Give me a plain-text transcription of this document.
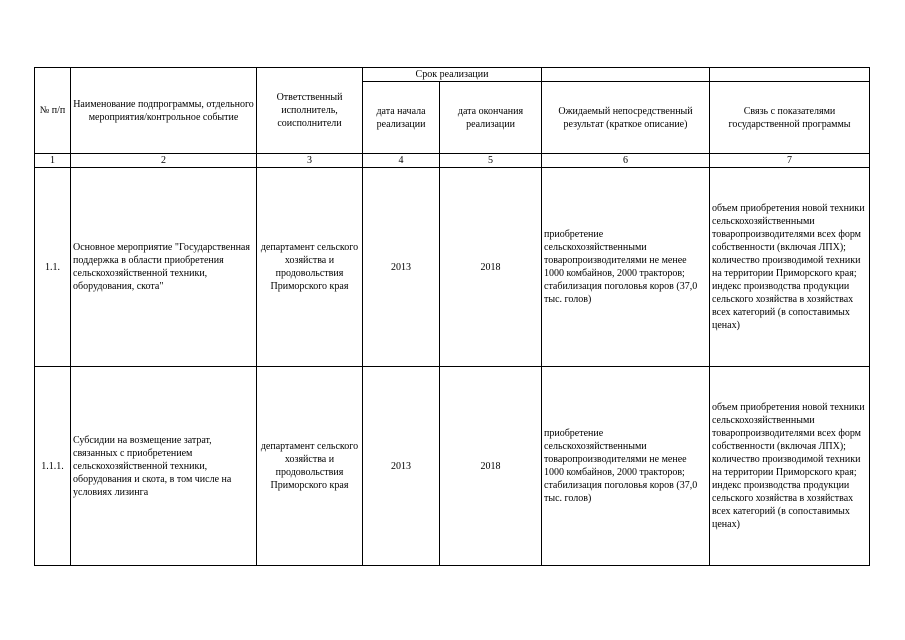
№ п/п	Наименование подпрограммы, отдельного мероприятия/контрольное событие	Ответственный исполнитель, соисполнители	Срок реализации			
			дата начала реализации	дата окончания реализации	Ожидаемый непосредственный результат (краткое описание)	Связь с показателями государственной программы
1	2	3	4	5	6	7
1.1.	Основное мероприятие "Государственная поддержка в области приобретения сельскохозяйственной техники, оборудования, скота"	департамент сельского хозяйства и продовольствия Приморского края	2013	2018	приобретение сельскохозяйственными товаропроизводителями не менее 1000 комбайнов, 2000 тракторов; стабилизация поголовья коров (37,0 тыс. голов)	объем приобретения новой техники сельскохозяйственными товаропроизводителями всех форм собственности (включая ЛПХ); количество производимой техники на территории Приморского края; индекс производства продукции сельского хозяйства в хозяйствах всех категорий (в сопоставимых ценах)
1.1.1.	Субсидии на возмещение затрат, связанных с приобретением сельскохозяйственной техники, оборудования и скота, в том числе на условиях лизинга	департамент сельского хозяйства и продовольствия Приморского края	2013	2018	приобретение сельскохозяйственными товаропроизводителями не менее 1000 комбайнов, 2000 тракторов; стабилизация поголовья коров (37,0 тыс. голов)	объем приобретения новой техники сельскохозяйственными товаропроизводителями всех форм собственности (включая ЛПХ); количество производимой техники на территории Приморского края; индекс производства продукции сельского хозяйства в хозяйствах всех категорий (в сопоставимых ценах)
